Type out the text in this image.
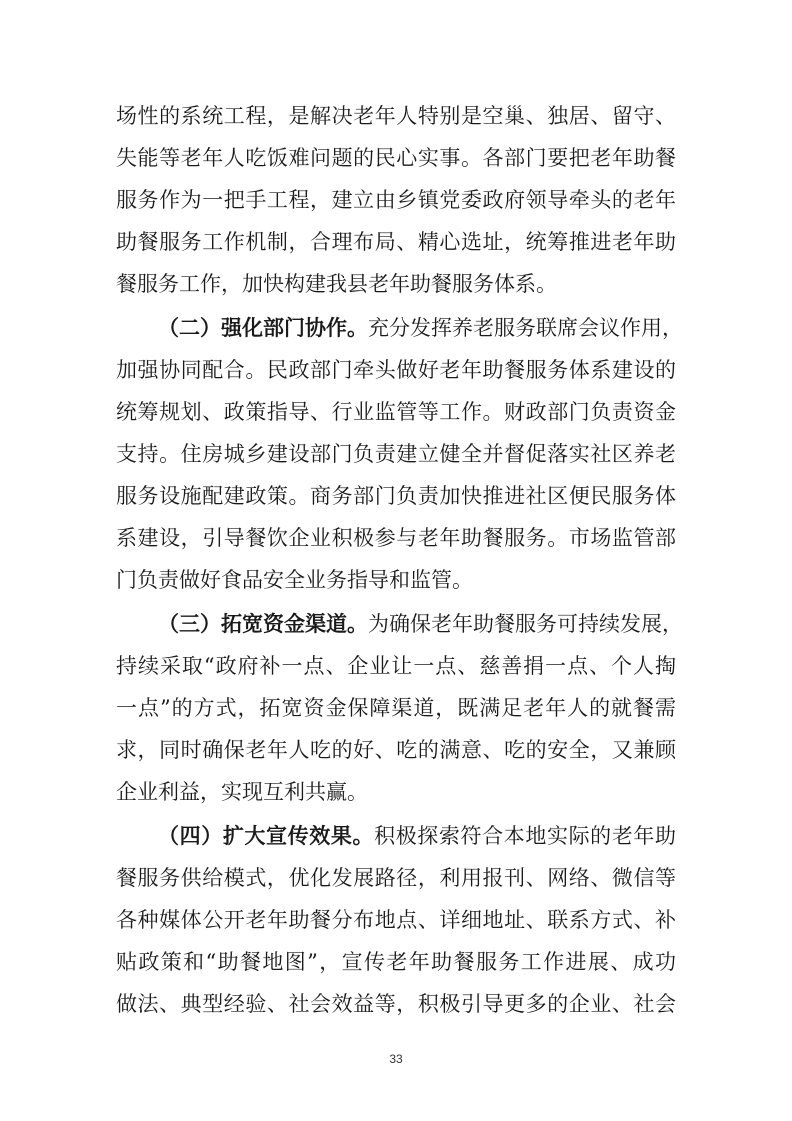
场性的系统工程，是解决老年人特别是空巢、独居、留守、
失能等老年人吃饭难问题的民心实事。各部门要把老年助餐
服务作为一把手工程，建立由乡镇党委政府领导牵头的老年
助餐服务工作机制，合理布局、精心选址，统筹推进老年助
餐服务工作，加快构建我县老年助餐服务体系。
（二）强化部门协作。充分发挥养老服务联席会议作用，
加强协同配合。民政部门牵头做好老年助餐服务体系建设的
统筹规划、政策指导、行业监管等工作。财政部门负责资金
支持。住房城乡建设部门负责建立健全并督促落实社区养老
服务设施配建政策。商务部门负责加快推进社区便民服务体
系建设，引导餐饮企业积极参与老年助餐服务。市场监管部
门负责做好食品安全业务指导和监管。
（三）拓宽资金渠道。为确保老年助餐服务可持续发展，
持续采取“政府补一点、企业让一点、慈善捐一点、个人掏
一点”的方式，拓宽资金保障渠道，既满足老年人的就餐需
求，同时确保老年人吃的好、吃的满意、吃的安全，又兼顾
企业利益，实现互利共赢。
（四）扩大宣传效果。积极探索符合本地实际的老年助
餐服务供给模式，优化发展路径，利用报刊、网络、微信等
各种媒体公开老年助餐分布地点、详细地址、联系方式、补
贴政策和“助餐地图”，宣传老年助餐服务工作进展、成功
做法、典型经验、社会效益等，积极引导更多的企业、社会
33
